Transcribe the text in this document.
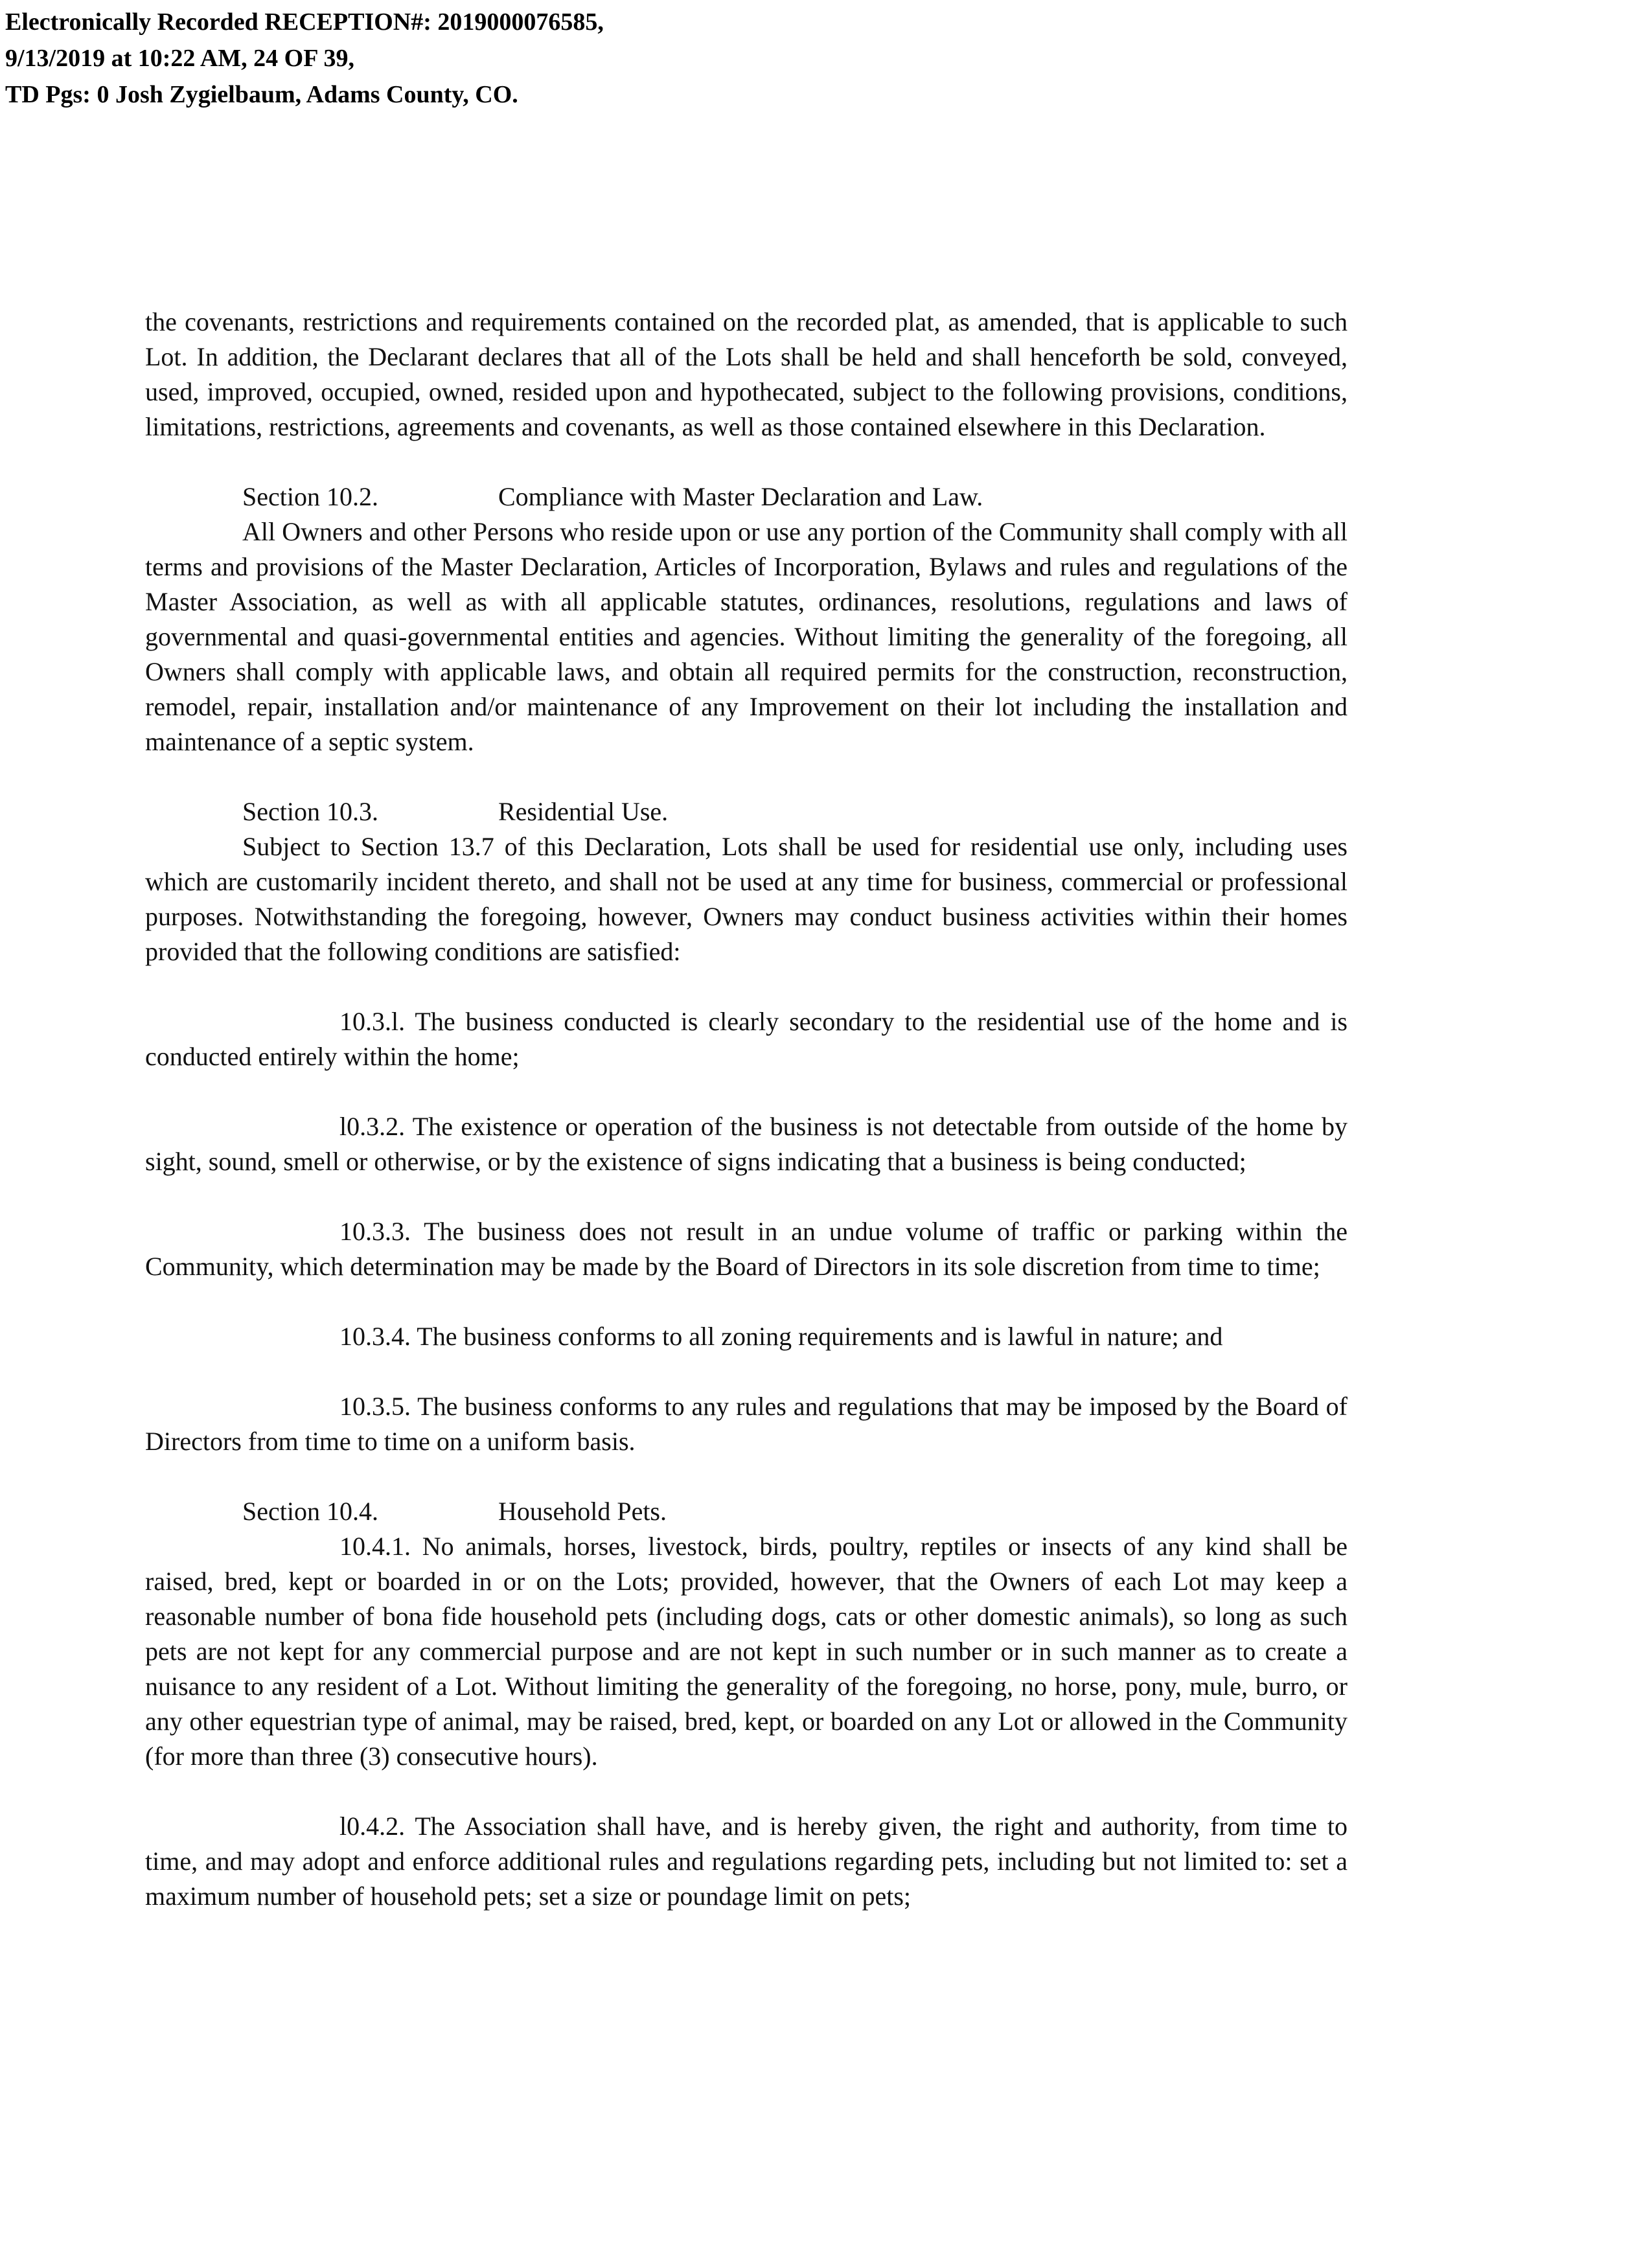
Electronically Recorded RECEPTION#: 2019000076585,
9/13/2019 at 10:22 AM, 24 OF 39,
TD Pgs: 0 Josh Zygielbaum, Adams County, CO.

the covenants, restrictions and requirements contained on the recorded plat, as amended, that is applicable to such Lot. In addition, the Declarant declares that all of the Lots shall be held and shall henceforth be sold, conveyed, used, improved, occupied, owned, resided upon and hypothecated, subject to the following provisions, conditions, limitations, restrictions, agreements and covenants, as well as those contained elsewhere in this Declaration.

Section 10.2.	Compliance with Master Declaration and Law.

All Owners and other Persons who reside upon or use any portion of the Community shall comply with all terms and provisions of the Master Declaration, Articles of Incorporation, Bylaws and rules and regulations of the Master Association, as well as with all applicable statutes, ordinances, resolutions, regulations and laws of governmental and quasi-governmental entities and agencies. Without limiting the generality of the foregoing, all Owners shall comply with applicable laws, and obtain all required permits for the construction, reconstruction, remodel, repair, installation and/or maintenance of any Improvement on their lot including the installation and maintenance of a septic system.

Section 10.3.	Residential Use.

Subject to Section 13.7 of this Declaration, Lots shall be used for residential use only, including uses which are customarily incident thereto, and shall not be used at any time for business, commercial or professional purposes. Notwithstanding the foregoing, however, Owners may conduct business activities within their homes provided that the following conditions are satisfied:

10.3.l. The business conducted is clearly secondary to the residential use of the home and is conducted entirely within the home;

l0.3.2. The existence or operation of the business is not detectable from outside of the home by sight, sound, smell or otherwise, or by the existence of signs indicating that a business is being conducted;

10.3.3. The business does not result in an undue volume of traffic or parking within the Community, which determination may be made by the Board of Directors in its sole discretion from time to time;

10.3.4. The business conforms to all zoning requirements and is lawful in nature; and

10.3.5. The business conforms to any rules and regulations that may be imposed by the Board of Directors from time to time on a uniform basis.

Section 10.4.	Household Pets.

10.4.1. No animals, horses, livestock, birds, poultry, reptiles or insects of any kind shall be raised, bred, kept or boarded in or on the Lots; provided, however, that the Owners of each Lot may keep a reasonable number of bona fide household pets (including dogs, cats or other domestic animals), so long as such pets are not kept for any commercial purpose and are not kept in such number or in such manner as to create a nuisance to any resident of a Lot. Without limiting the generality of the foregoing, no horse, pony, mule, burro, or any other equestrian type of animal, may be raised, bred, kept, or boarded on any Lot or allowed in the Community (for more than three (3) consecutive hours).

l0.4.2. The Association shall have, and is hereby given, the right and authority, from time to time, and may adopt and enforce additional rules and regulations regarding pets, including but not limited to: set a maximum number of household pets; set a size or poundage limit on pets;
